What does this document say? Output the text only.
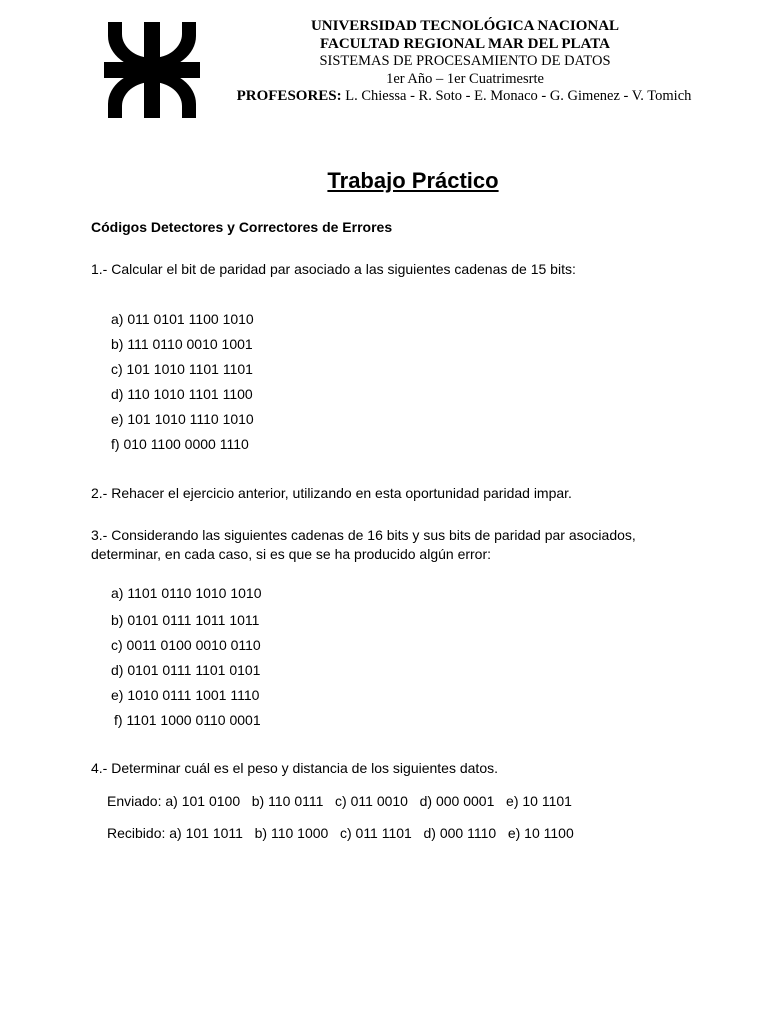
UNIVERSIDAD TECNOLÓGICA NACIONAL
FACULTAD REGIONAL MAR DEL PLATA
SISTEMAS DE PROCESAMIENTO DE DATOS
1er Año – 1er Cuatrimesrte
PROFESORES: L. Chiessa - R. Soto - E. Monaco - G. Gimenez - V. Tomich
Trabajo Práctico
Códigos Detectores y Correctores de Errores
1.- Calcular el bit de paridad par asociado a las siguientes cadenas de 15 bits:
a) 011 0101 1100 1010
b) 111 0110 0010 1001
c) 101 1010 1101 1101
d) 110 1010 1101 1100
e) 101 1010 1110 1010
f) 010 1100 0000 1110
2.- Rehacer el ejercicio anterior, utilizando en esta oportunidad paridad impar.
3.- Considerando las siguientes cadenas de 16 bits y sus bits de paridad par asociados,
determinar, en cada caso, si es que se ha producido algún error:
a) 1101 0110 1010 1010
b) 0101 0111 1011 1011
c) 0011 0100 0010 0110
d) 0101 0111 1101 0101
e) 1010 0111 1001 1110
f) 1101 1000 0110 0001
4.- Determinar cuál es el peso y distancia de los siguientes datos.
Enviado: a) 101 0100   b) 110 0111   c) 011 0010   d) 000 0001   e) 10 1101
Recibido: a) 101 1011   b) 110 1000   c) 011 1101   d) 000 1110   e) 10 1100
